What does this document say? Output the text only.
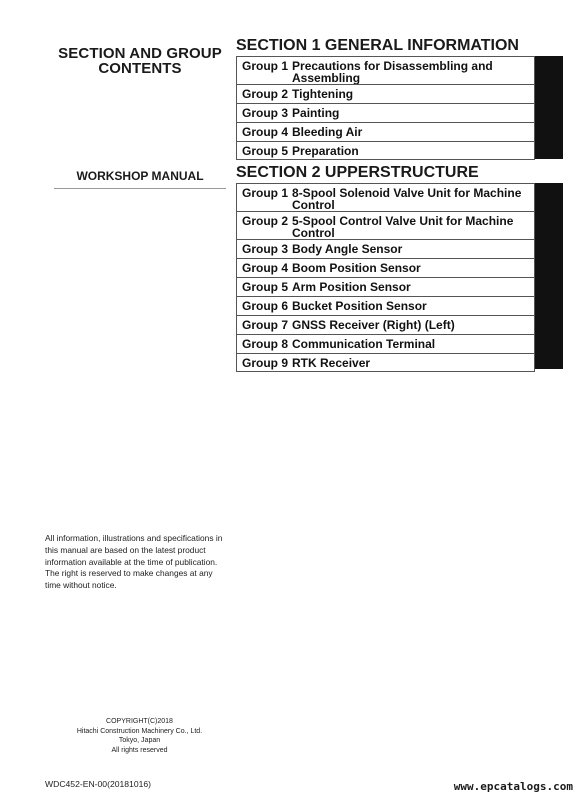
SECTION AND GROUP
CONTENTS
WORKSHOP MANUAL
SECTION 1 GENERAL INFORMATION
Group 1 Precautions for Disassembling and Assembling
Group 2 Tightening
Group 3 Painting
Group 4 Bleeding Air
Group 5 Preparation
SECTION 2 UPPERSTRUCTURE
Group 1 8-Spool Solenoid Valve Unit for Machine Control
Group 2 5-Spool Control Valve Unit for Machine Control
Group 3 Body Angle Sensor
Group 4 Boom Position Sensor
Group 5 Arm Position Sensor
Group 6 Bucket Position Sensor
Group 7 GNSS Receiver (Right) (Left)
Group 8 Communication Terminal
Group 9 RTK Receiver
All information, illustrations and specifications in this manual are based on the latest product information available at the time of publication. The right is reserved to make changes at any time without notice.
COPYRIGHT(C)2018
Hitachi Construction Machinery Co., Ltd.
Tokyo, Japan
All rights reserved
WDC452-EN-00(20181016)	www.epcatalogs.com
